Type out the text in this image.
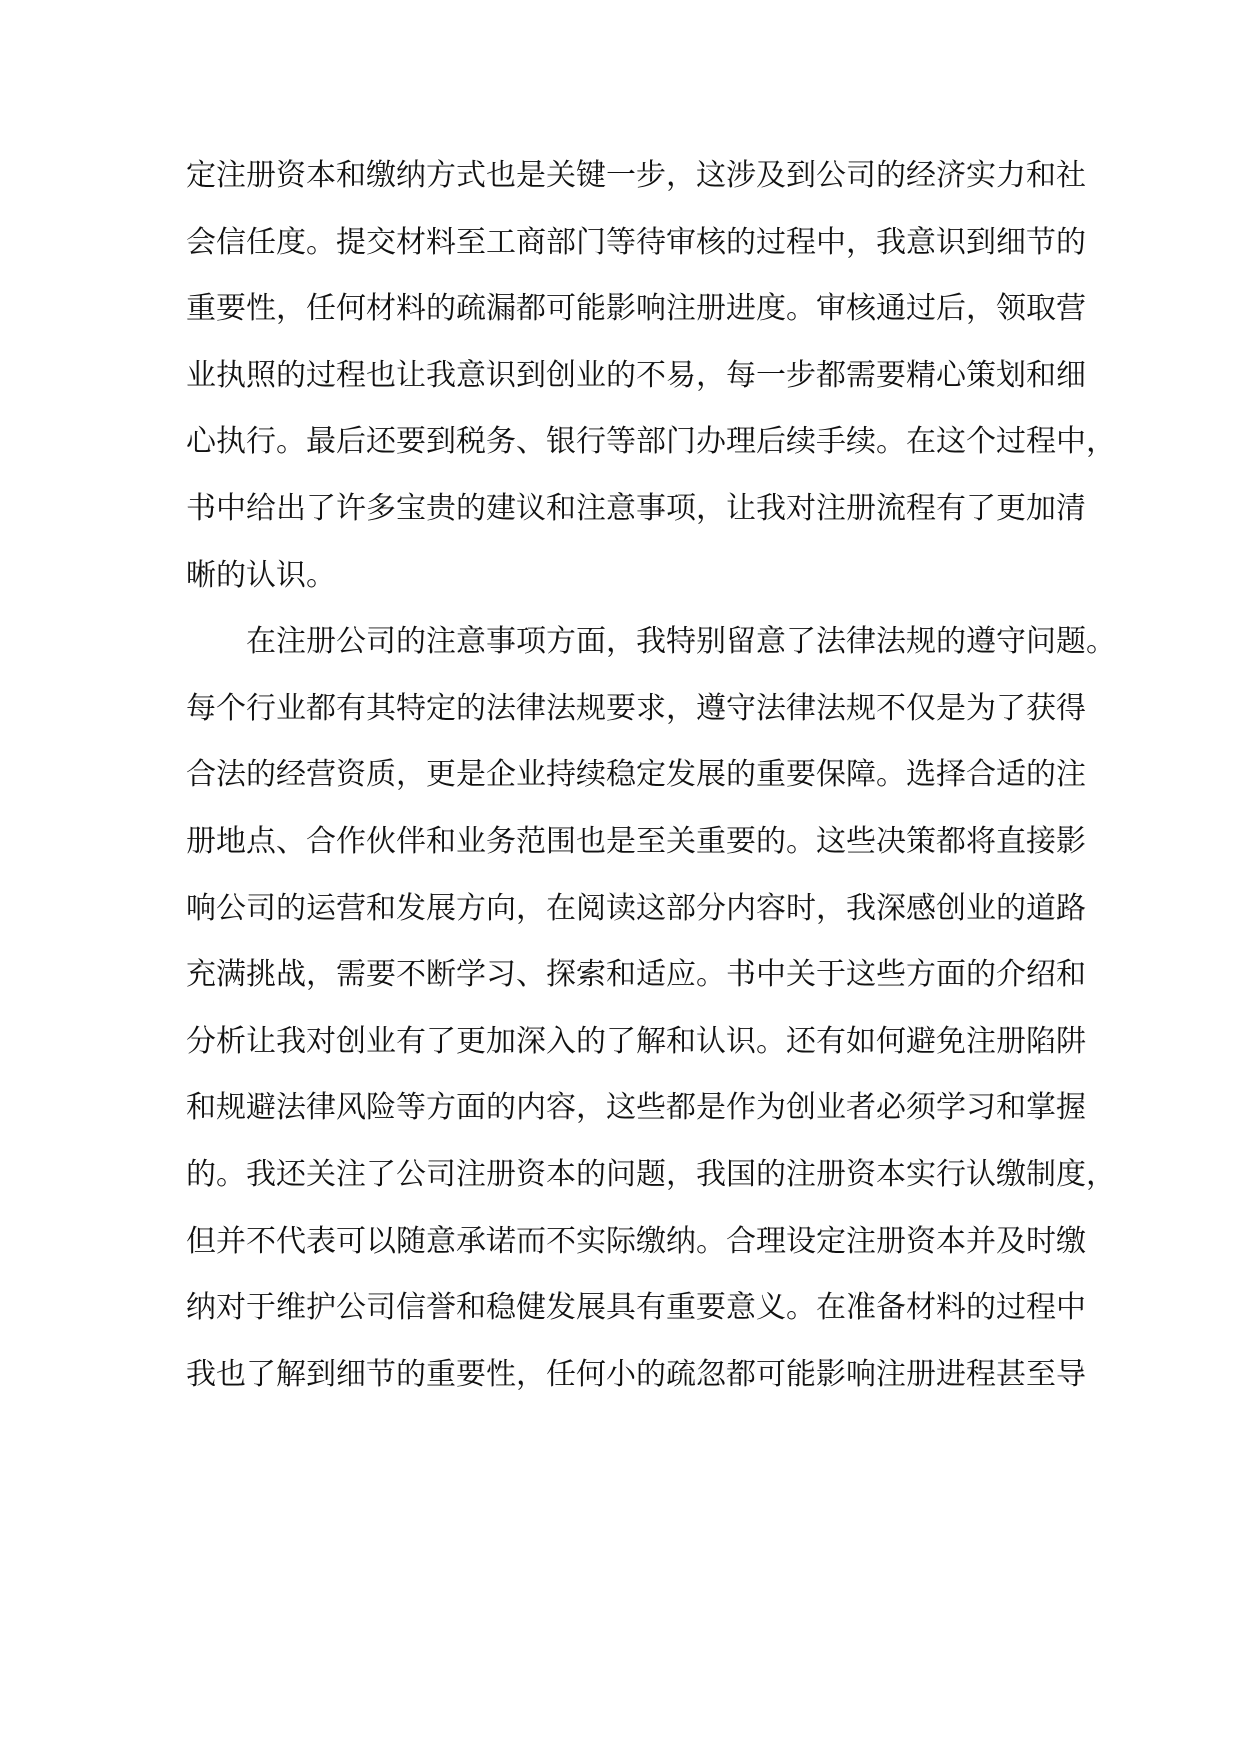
定注册资本和缴纳方式也是关键一步，这涉及到公司的经济实力和社
会信任度。提交材料至工商部门等待审核的过程中，我意识到细节的
重要性，任何材料的疏漏都可能影响注册进度。审核通过后，领取营
业执照的过程也让我意识到创业的不易，每一步都需要精心策划和细
心执行。最后还要到税务、银行等部门办理后续手续。在这个过程中，
书中给出了许多宝贵的建议和注意事项，让我对注册流程有了更加清
晰的认识。
在注册公司的注意事项方面，我特别留意了法律法规的遵守问题。
每个行业都有其特定的法律法规要求，遵守法律法规不仅是为了获得
合法的经营资质，更是企业持续稳定发展的重要保障。选择合适的注
册地点、合作伙伴和业务范围也是至关重要的。这些决策都将直接影
响公司的运营和发展方向，在阅读这部分内容时，我深感创业的道路
充满挑战，需要不断学习、探索和适应。书中关于这些方面的介绍和
分析让我对创业有了更加深入的了解和认识。还有如何避免注册陷阱
和规避法律风险等方面的内容，这些都是作为创业者必须学习和掌握
的。我还关注了公司注册资本的问题，我国的注册资本实行认缴制度，
但并不代表可以随意承诺而不实际缴纳。合理设定注册资本并及时缴
纳对于维护公司信誉和稳健发展具有重要意义。在准备材料的过程中
我也了解到细节的重要性，任何小的疏忽都可能影响注册进程甚至导
